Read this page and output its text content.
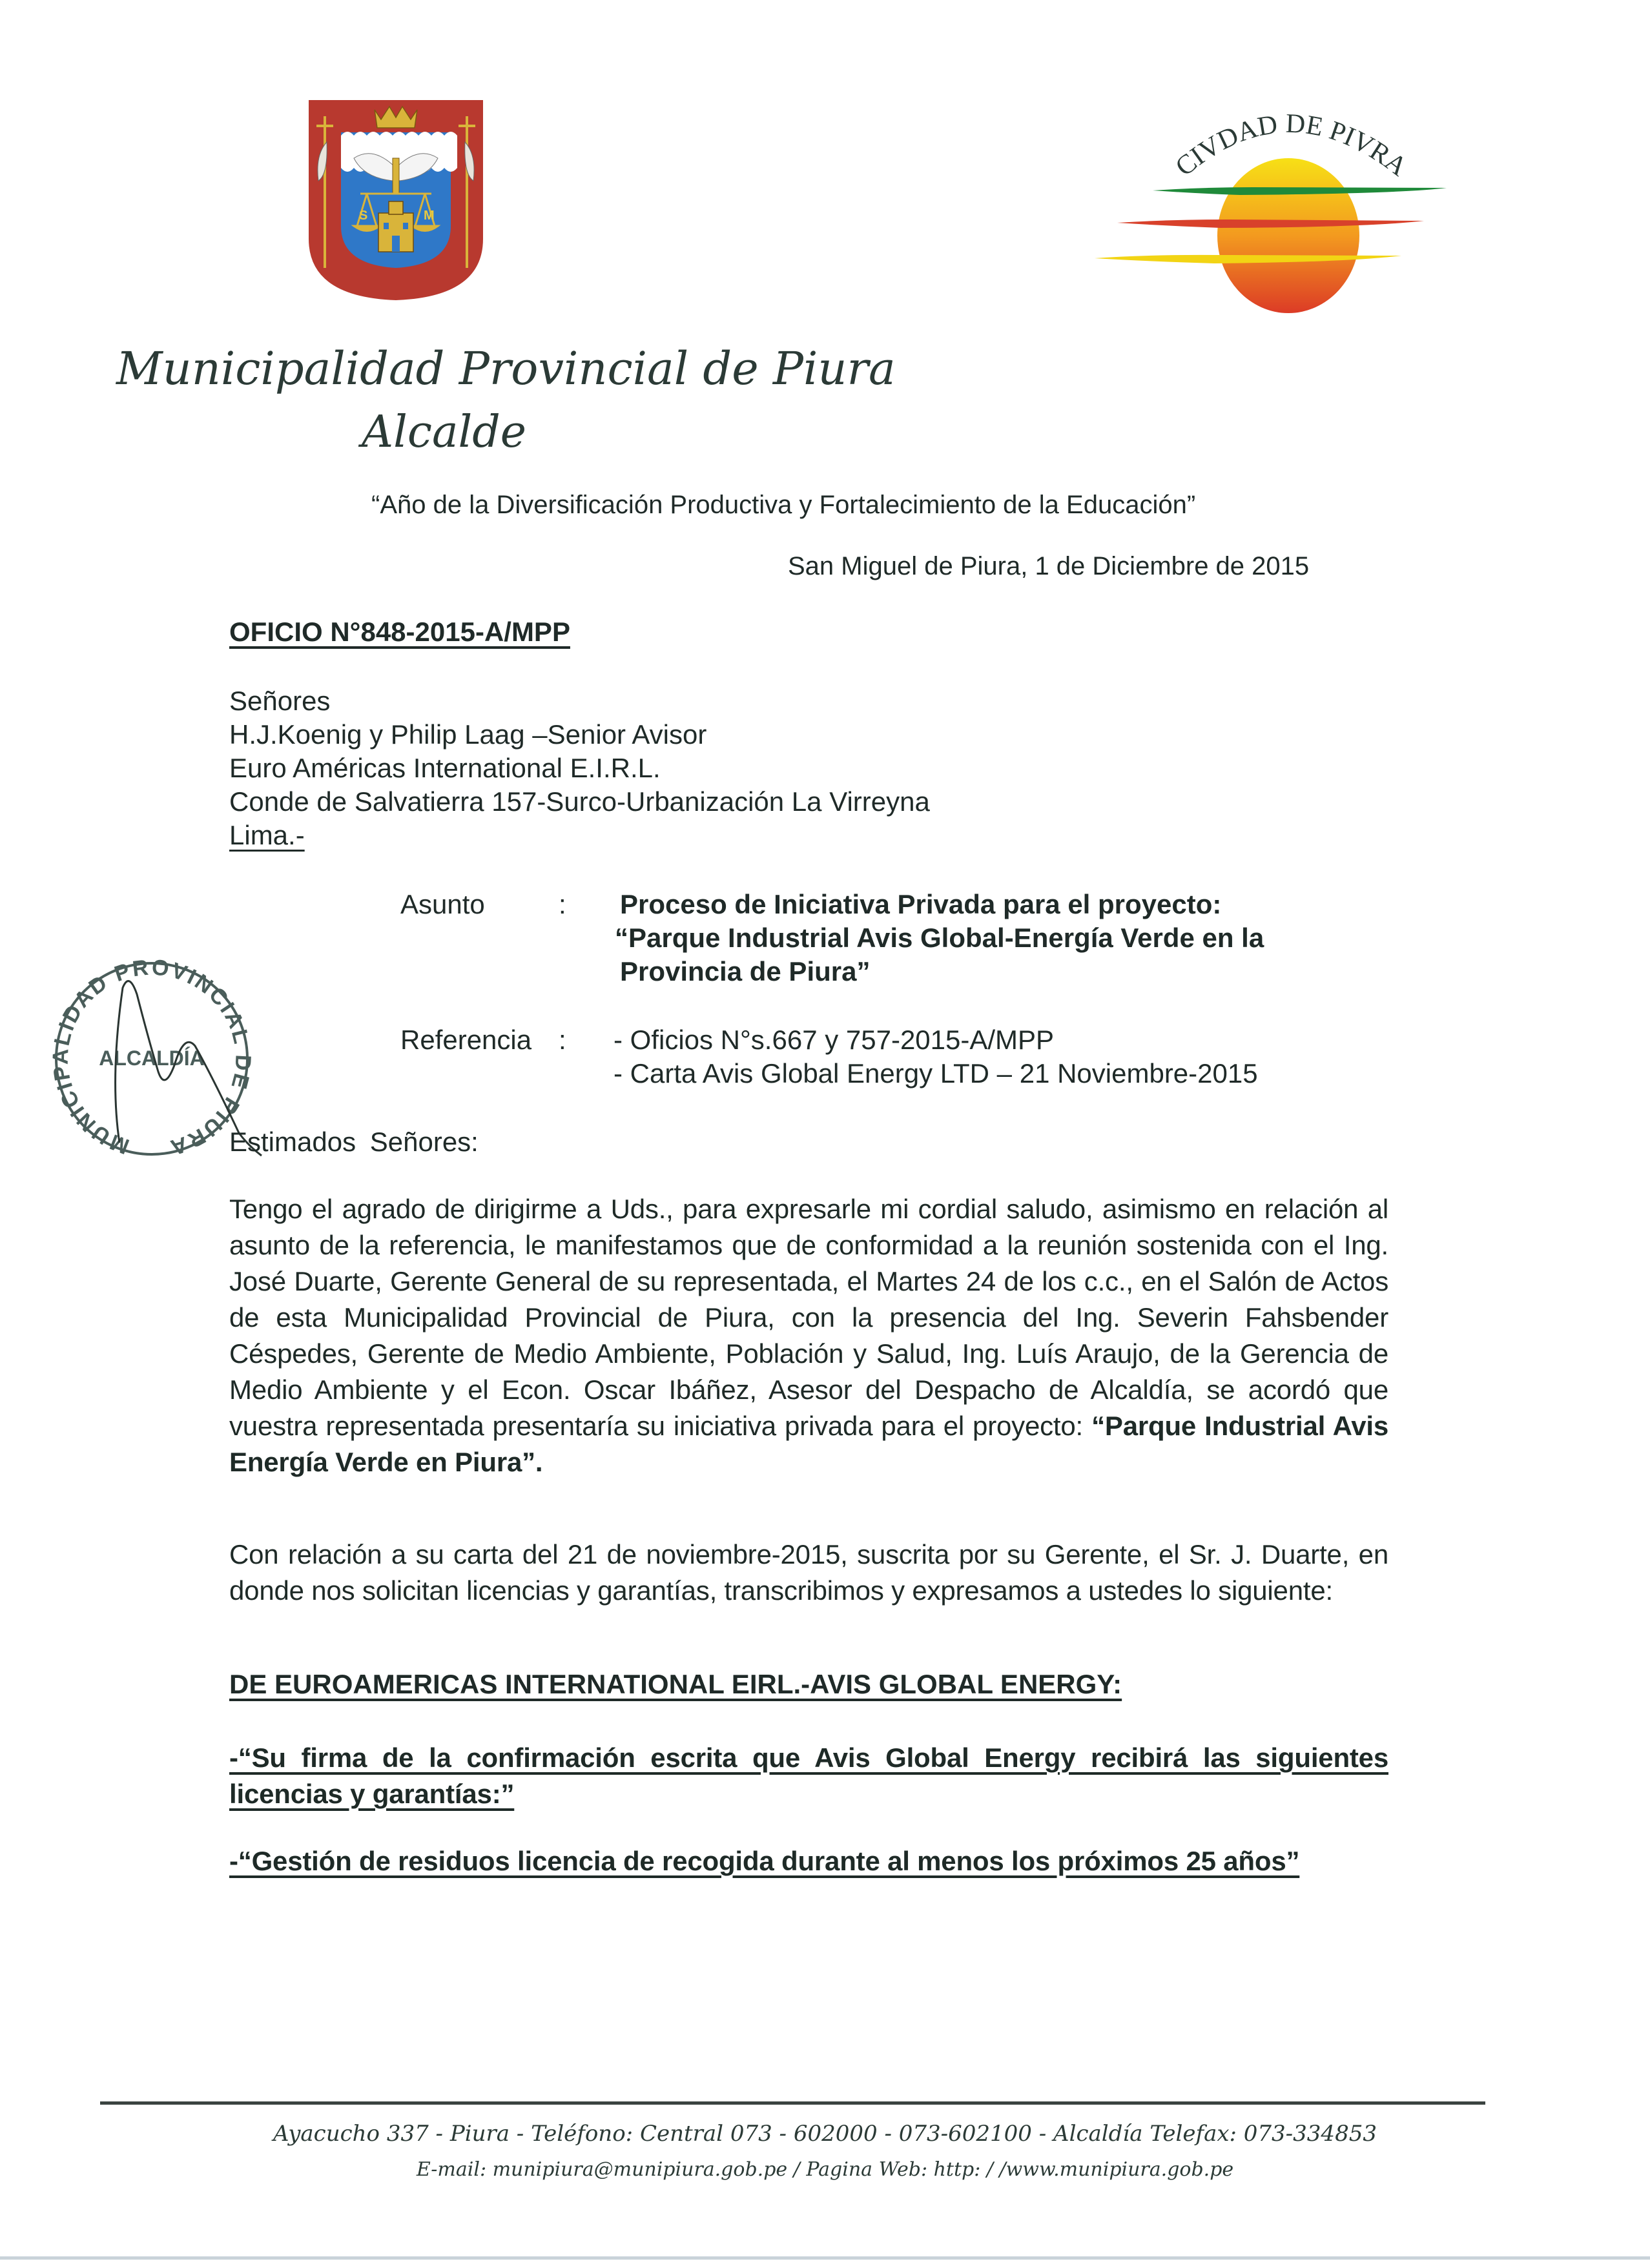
S	M
CIVDAD DE PIVRA
Municipalidad Provincial de Piura
Alcalde
“Año de la Diversificación Productiva y Fortalecimiento de la Educación”
San Miguel de Piura, 1 de Diciembre de 2015
OFICIO N°848-2015-A/MPP
Señores
H.J.Koenig y Philip Laag –Senior Avisor
Euro Américas International E.I.R.L.
Conde de Salvatierra 157-Surco-Urbanización La Virreyna
Lima.-
Asunto	: Proceso de Iniciativa Privada para el proyecto:
“Parque Industrial Avis Global-Energía Verde en la
Provincia de Piura”
Referencia : - Oficios N°s.667 y 757-2015-A/MPP
- Carta Avis Global Energy LTD – 21 Noviembre-2015
MUNICIPALIDAD PROVINCIAL DE PIURA
ALCALDÍA
Estimados Señores:
Tengo el agrado de dirigirme a Uds., para expresarle mi cordial saludo, asimismo en relación al asunto de la referencia, le manifestamos que de conformidad a la reunión sostenida con el Ing. José Duarte, Gerente General de su representada, el Martes 24 de los c.c., en el Salón de Actos de esta Municipalidad Provincial de Piura, con la presencia del Ing. Severin Fahsbender Céspedes, Gerente de Medio Ambiente, Población y Salud, Ing. Luís Araujo, de la Gerencia de Medio Ambiente y el Econ. Oscar Ibáñez, Asesor del Despacho de Alcaldía, se acordó que vuestra representada presentaría su iniciativa privada para el proyecto: “Parque Industrial Avis Energía Verde en Piura”.
Con relación a su carta del 21 de noviembre-2015, suscrita por su Gerente, el Sr. J. Duarte, en donde nos solicitan licencias y garantías, transcribimos y expresamos a ustedes lo siguiente:
DE EUROAMERICAS INTERNATIONAL EIRL.-AVIS GLOBAL ENERGY:
-“Su firma de la confirmación escrita que Avis Global Energy recibirá las siguientes licencias y garantías:”
-“Gestión de residuos licencia de recogida durante al menos los próximos 25 años”
Ayacucho 337 - Piura - Teléfono: Central 073 - 602000 - 073-602100 - Alcaldía Telefax: 073-334853
E-mail: munipiura@munipiura.gob.pe / Pagina Web: http: / /www.munipiura.gob.pe
